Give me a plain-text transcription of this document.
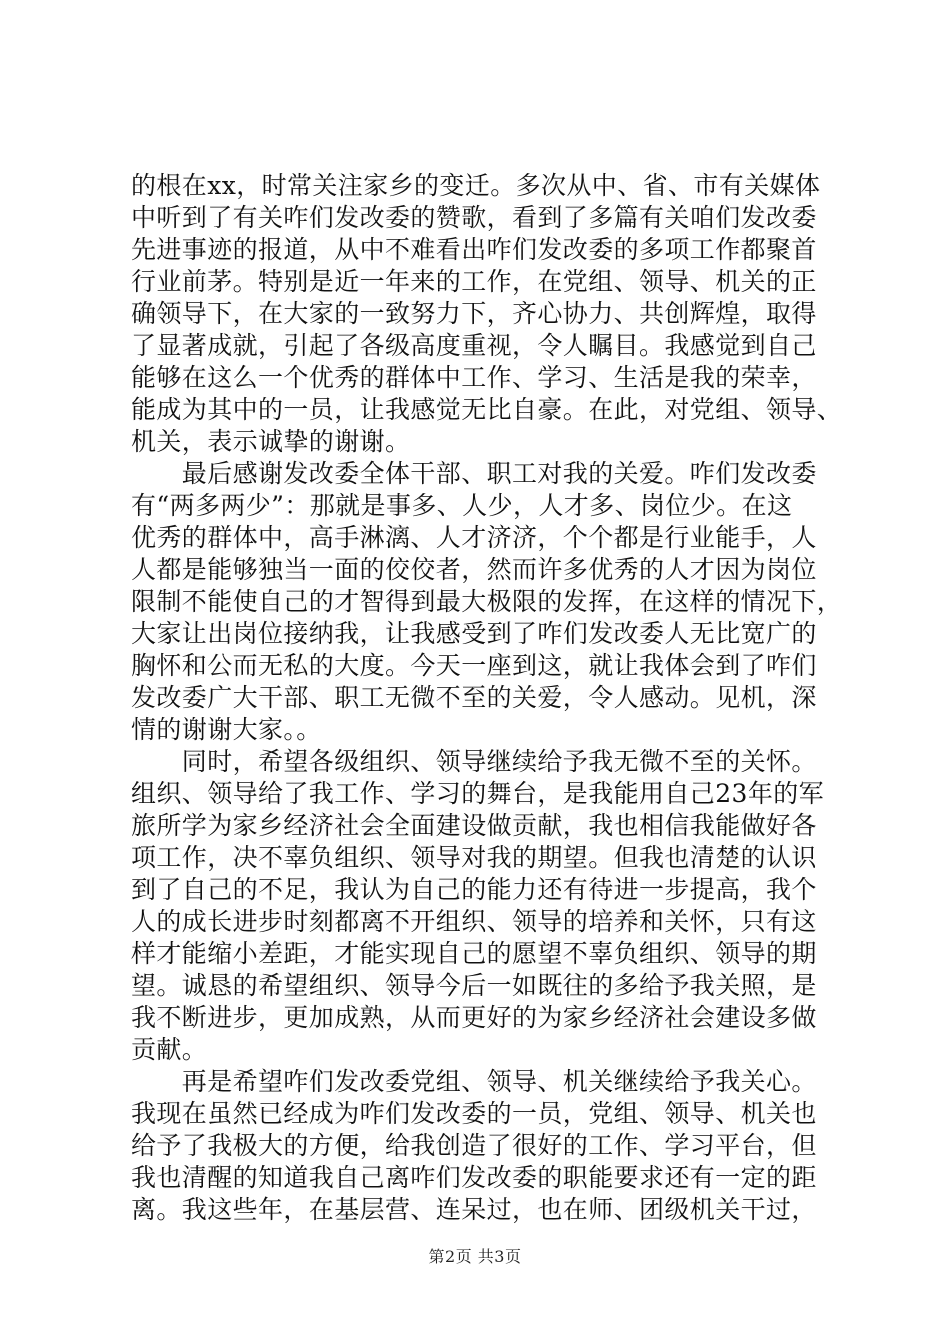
的根在xx，时常关注家乡的变迁。多次从中、省、市有关媒体
中听到了有关咋们发改委的赞歌，看到了多篇有关咱们发改委
先进事迹的报道，从中不难看出咋们发改委的多项工作都聚首
行业前茅。特别是近一年来的工作，在党组、领导、机关的正
确领导下，在大家的一致努力下，齐心协力、共创辉煌，取得
了显著成就，引起了各级高度重视，令人瞩目。我感觉到自己
能够在这么一个优秀的群体中工作、学习、生活是我的荣幸，
能成为其中的一员，让我感觉无比自豪。在此，对党组、领导、
机关，表示诚挚的谢谢。
　　最后感谢发改委全体干部、职工对我的关爱。咋们发改委
有“两多两少”：那就是事多、人少，人才多、岗位少。在这
优秀的群体中，高手淋漓、人才济济，个个都是行业能手，人
人都是能够独当一面的佼佼者，然而许多优秀的人才因为岗位
限制不能使自己的才智得到最大极限的发挥，在这样的情况下，
大家让出岗位接纳我，让我感受到了咋们发改委人无比宽广的
胸怀和公而无私的大度。今天一座到这，就让我体会到了咋们
发改委广大干部、职工无微不至的关爱，令人感动。见机，深
情的谢谢大家。。
　　同时，希望各级组织、领导继续给予我无微不至的关怀。
组织、领导给了我工作、学习的舞台，是我能用自己23年的军
旅所学为家乡经济社会全面建设做贡献，我也相信我能做好各
项工作，决不辜负组织、领导对我的期望。但我也清楚的认识
到了自己的不足，我认为自己的能力还有待进一步提高，我个
人的成长进步时刻都离不开组织、领导的培养和关怀，只有这
样才能缩小差距，才能实现自己的愿望不辜负组织、领导的期
望。诚恳的希望组织、领导今后一如既往的多给予我关照，是
我不断进步，更加成熟，从而更好的为家乡经济社会建设多做
贡献。
　　再是希望咋们发改委党组、领导、机关继续给予我关心。
我现在虽然已经成为咋们发改委的一员，党组、领导、机关也
给予了我极大的方便，给我创造了很好的工作、学习平台，但
我也清醒的知道我自己离咋们发改委的职能要求还有一定的距
离。我这些年，在基层营、连呆过，也在师、团级机关干过，
第2页 共3页
